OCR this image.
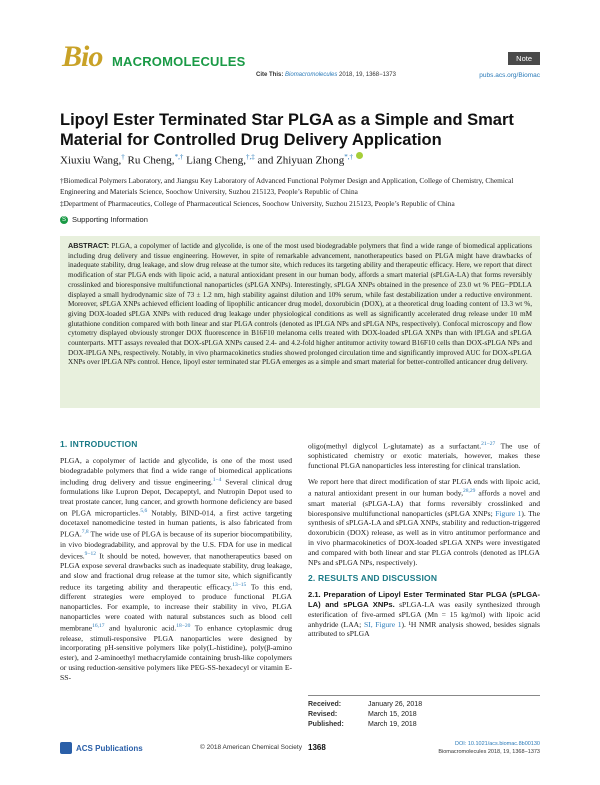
Bio MACROMOLECULES
Cite This: Biomacromolecules 2018, 19, 1368−1373
Note
pubs.acs.org/Biomac
Lipoyl Ester Terminated Star PLGA as a Simple and Smart Material for Controlled Drug Delivery Application
Xiuxiu Wang,† Ru Cheng,*,† Liang Cheng,†,‡ and Zhiyuan Zhong*,†
†Biomedical Polymers Laboratory, and Jiangsu Key Laboratory of Advanced Functional Polymer Design and Application, College of Chemistry, Chemical Engineering and Materials Science, Soochow University, Suzhou 215123, People’s Republic of China
‡Department of Pharmaceutics, College of Pharmaceutical Sciences, Soochow University, Suzhou 215123, People’s Republic of China
S Supporting Information
ABSTRACT: PLGA, a copolymer of lactide and glycolide, is one of the most used biodegradable polymers that find a wide range of biomedical applications including drug delivery and tissue engineering. However, in spite of remarkable advancement, nanotherapeutics based on PLGA might have drawbacks of inadequate stability, drug leakage, and slow drug release at the tumor site, which reduces its targeting ability and therapeutic efficacy. Here, we report that direct modification of star PLGA ends with lipoic acid, a natural antioxidant present in our human body, affords a smart material (sPLGA-LA) that forms reversibly crosslinked and bioresponsive multifunctional nanoparticles (sPLGA XNPs). Interestingly, sPLGA XNPs obtained in the presence of 23.0 wt % PEG−PDLLA displayed a small hydrodynamic size of 73 ± 1.2 nm, high stability against dilution and 10% serum, while fast destabilization under a reductive environment. Moreover, sPLGA XNPs achieved efficient loading of lipophilic anticancer drug model, doxorubicin (DOX), at a theoretical drug loading content of 13.3 wt %, giving DOX-loaded sPLGA XNPs with reduced drug leakage under physiological conditions as well as significantly accelerated drug release under 10 mM glutathione condition compared with both linear and star PLGA controls (denoted as lPLGA NPs and sPLGA NPs, respectively). Confocal microscopy and flow cytometry displayed obviously stronger DOX fluorescence in B16F10 melanoma cells treated with DOX-loaded sPLGA XNPs than with lPLGA and sPLGA counterparts. MTT assays revealed that DOX-sPLGA XNPs caused 2.4- and 4.2-fold higher antitumor activity toward B16F10 cells than DOX-sPLGA NPs and DOX-lPLGA NPs, respectively. Notably, in vivo pharmacokinetics studies showed prolonged circulation time and significantly improved AUC for DOX-sPLGA XNPs over lPLGA NPs control. Hence, lipoyl ester terminated star PLGA emerges as a simple and smart material for better-controlled anticancer drug delivery.
1. INTRODUCTION

PLGA, a copolymer of lactide and glycolide, is one of the most used biodegradable polymers that find a wide range of biomedical applications including drug delivery and tissue engineering.$^{1-4}$ Several clinical drug formulations like Lupron Depot, Decapeptyl, and Nutropin Depot used to treat prostate cancer, lung cancer, and growth hormone deficiency are based on PLGA microparticles.$^{5,6}$ Notably, BIND-014, a first active targeting docetaxel nanomedicine tested in human patients, is also fabricated from PLGA.$^{7,8}$ The wide use of PLGA is because of its superior biocompatibility, in vivo biodegradability, and approval by the U.S. FDA for use in medical devices.$^{9-12}$ It should be noted, however, that nanotherapeutics based on PLGA expose several drawbacks such as inadequate stability, drug leakage, and slow and fractional drug release at the tumor site, which significantly reduce its targeting ability and therapeutic efficacy.$^{13-15}$ To this end, different strategies were employed to produce functional PLGA nanoparticles. For example, to increase their stability in vivo, PLGA nanoparticles were coated with natural substances such as blood cell membrane$^{16,17}$ and hyaluronic acid.$^{18-20}$ To enhance cytoplasmic drug release, stimuli-responsive PLGA nanoparticles were designed by incorporating pH-sensitive polymers like poly(L-histidine), poly(β-amino ester), and 2-aminoethyl methacrylamide containing brush-like copolymers or using reduction-sensitive polymers like PEG-SS-hexadecyl or vitamin E-SS-

oligo(methyl diglycol L-glutamate) as a surfactant.$^{21-27}$ The use of sophisticated chemistry or exotic materials, however, makes these functional PLGA nanoparticles less interesting for clinical translation.

We report here that direct modification of star PLGA ends with lipoic acid, a natural antioxidant present in our human body,$^{28,29}$ affords a novel and smart material (sPLGA-LA) that forms reversibly crosslinked and bioresponsive multifunctional nanoparticles (sPLGA XNPs; Figure 1). The synthesis of sPLGA-LA and sPLGA XNPs, stability and reduction-triggered doxorubicin (DOX) release, as well as in vitro antitumor performance and in vivo pharmacokinetics of DOX-loaded sPLGA XNPs were investigated and compared with both linear and star PLGA controls (denoted as lPLGA NPs and sPLGA NPs, respectively).

2. RESULTS AND DISCUSSION

2.1. Preparation of Lipoyl Ester Terminated Star PLGA (sPLGA-LA) and sPLGA XNPs. sPLGA-LA was easily synthesized through esterification of five-armed sPLGA (Mn = 15 kg/mol) with lipoic acid anhydride (LAA; SI, Figure 1). ¹H NMR analysis showed, besides signals attributed to sPLGA

Received:	January 26, 2018
Revised:	March 15, 2018
Published:	March 19, 2018
ACS Publications	© 2018 American Chemical Society 1368	DOI: 10.1021/acs.biomac.8b00130
Biomacromolecules 2018, 19, 1368−1373
